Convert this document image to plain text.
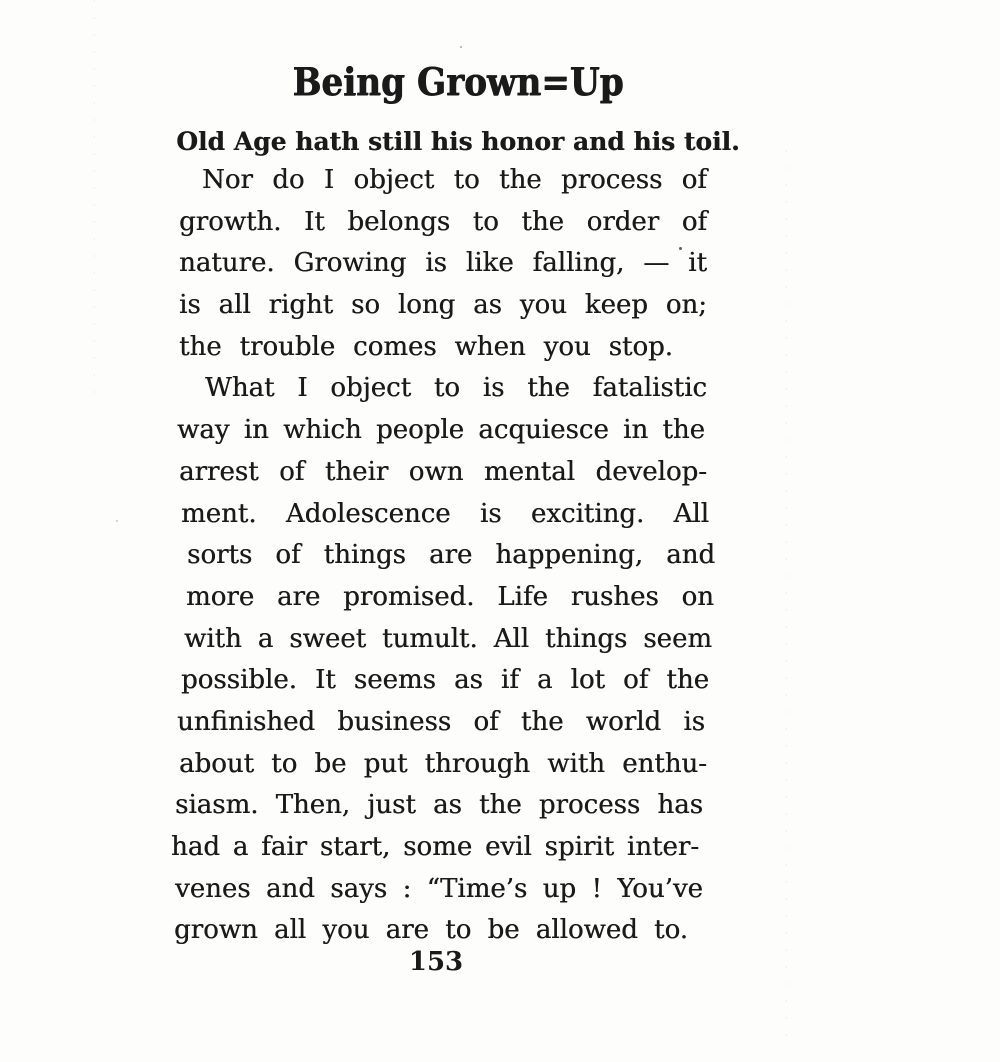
Being Grown=Up
Old Age hath still his honor and his toil.
Nor do I object to the process of
growth. It belongs to the order of
nature. Growing is like falling, — it
is all right so long as you keep on;
the trouble comes when you stop.
What I object to is the fatalistic
way in which people acquiesce in the
arrest of their own mental develop-
ment. Adolescence is exciting. All
sorts of things are happening, and
more are promised. Life rushes on
with a sweet tumult. All things seem
possible. It seems as if a lot of the
unfinished business of the world is
about to be put through with enthu-
siasm. Then, just as the process has
had a fair start, some evil spirit inter-
venes and says : “Time’s up ! You’ve
grown all you are to be allowed to.
153
